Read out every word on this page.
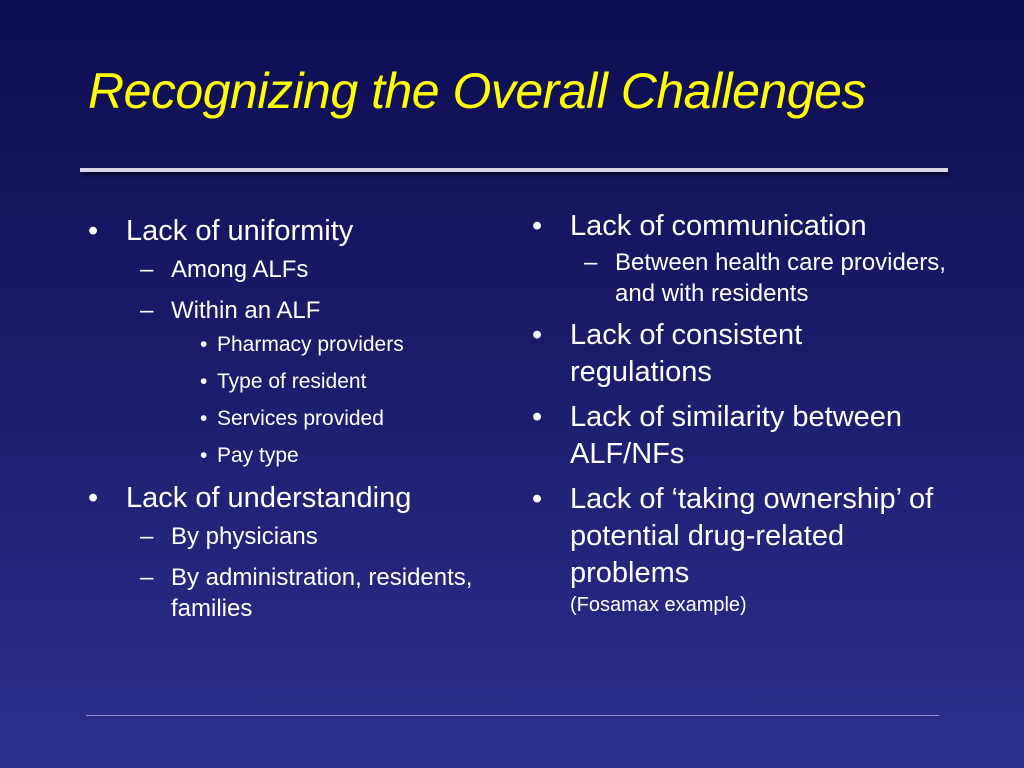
Recognizing the Overall Challenges
• Lack of uniformity
– Among ALFs
– Within an ALF
• Pharmacy providers
• Type of resident
• Services provided
• Pay type
• Lack of understanding
– By physicians
– By administration, residents, families
• Lack of communication
– Between health care providers, and with residents
• Lack of consistent regulations
• Lack of similarity between ALF/NFs
• Lack of ‘taking ownership’ of potential drug-related problems
(Fosamax example)
